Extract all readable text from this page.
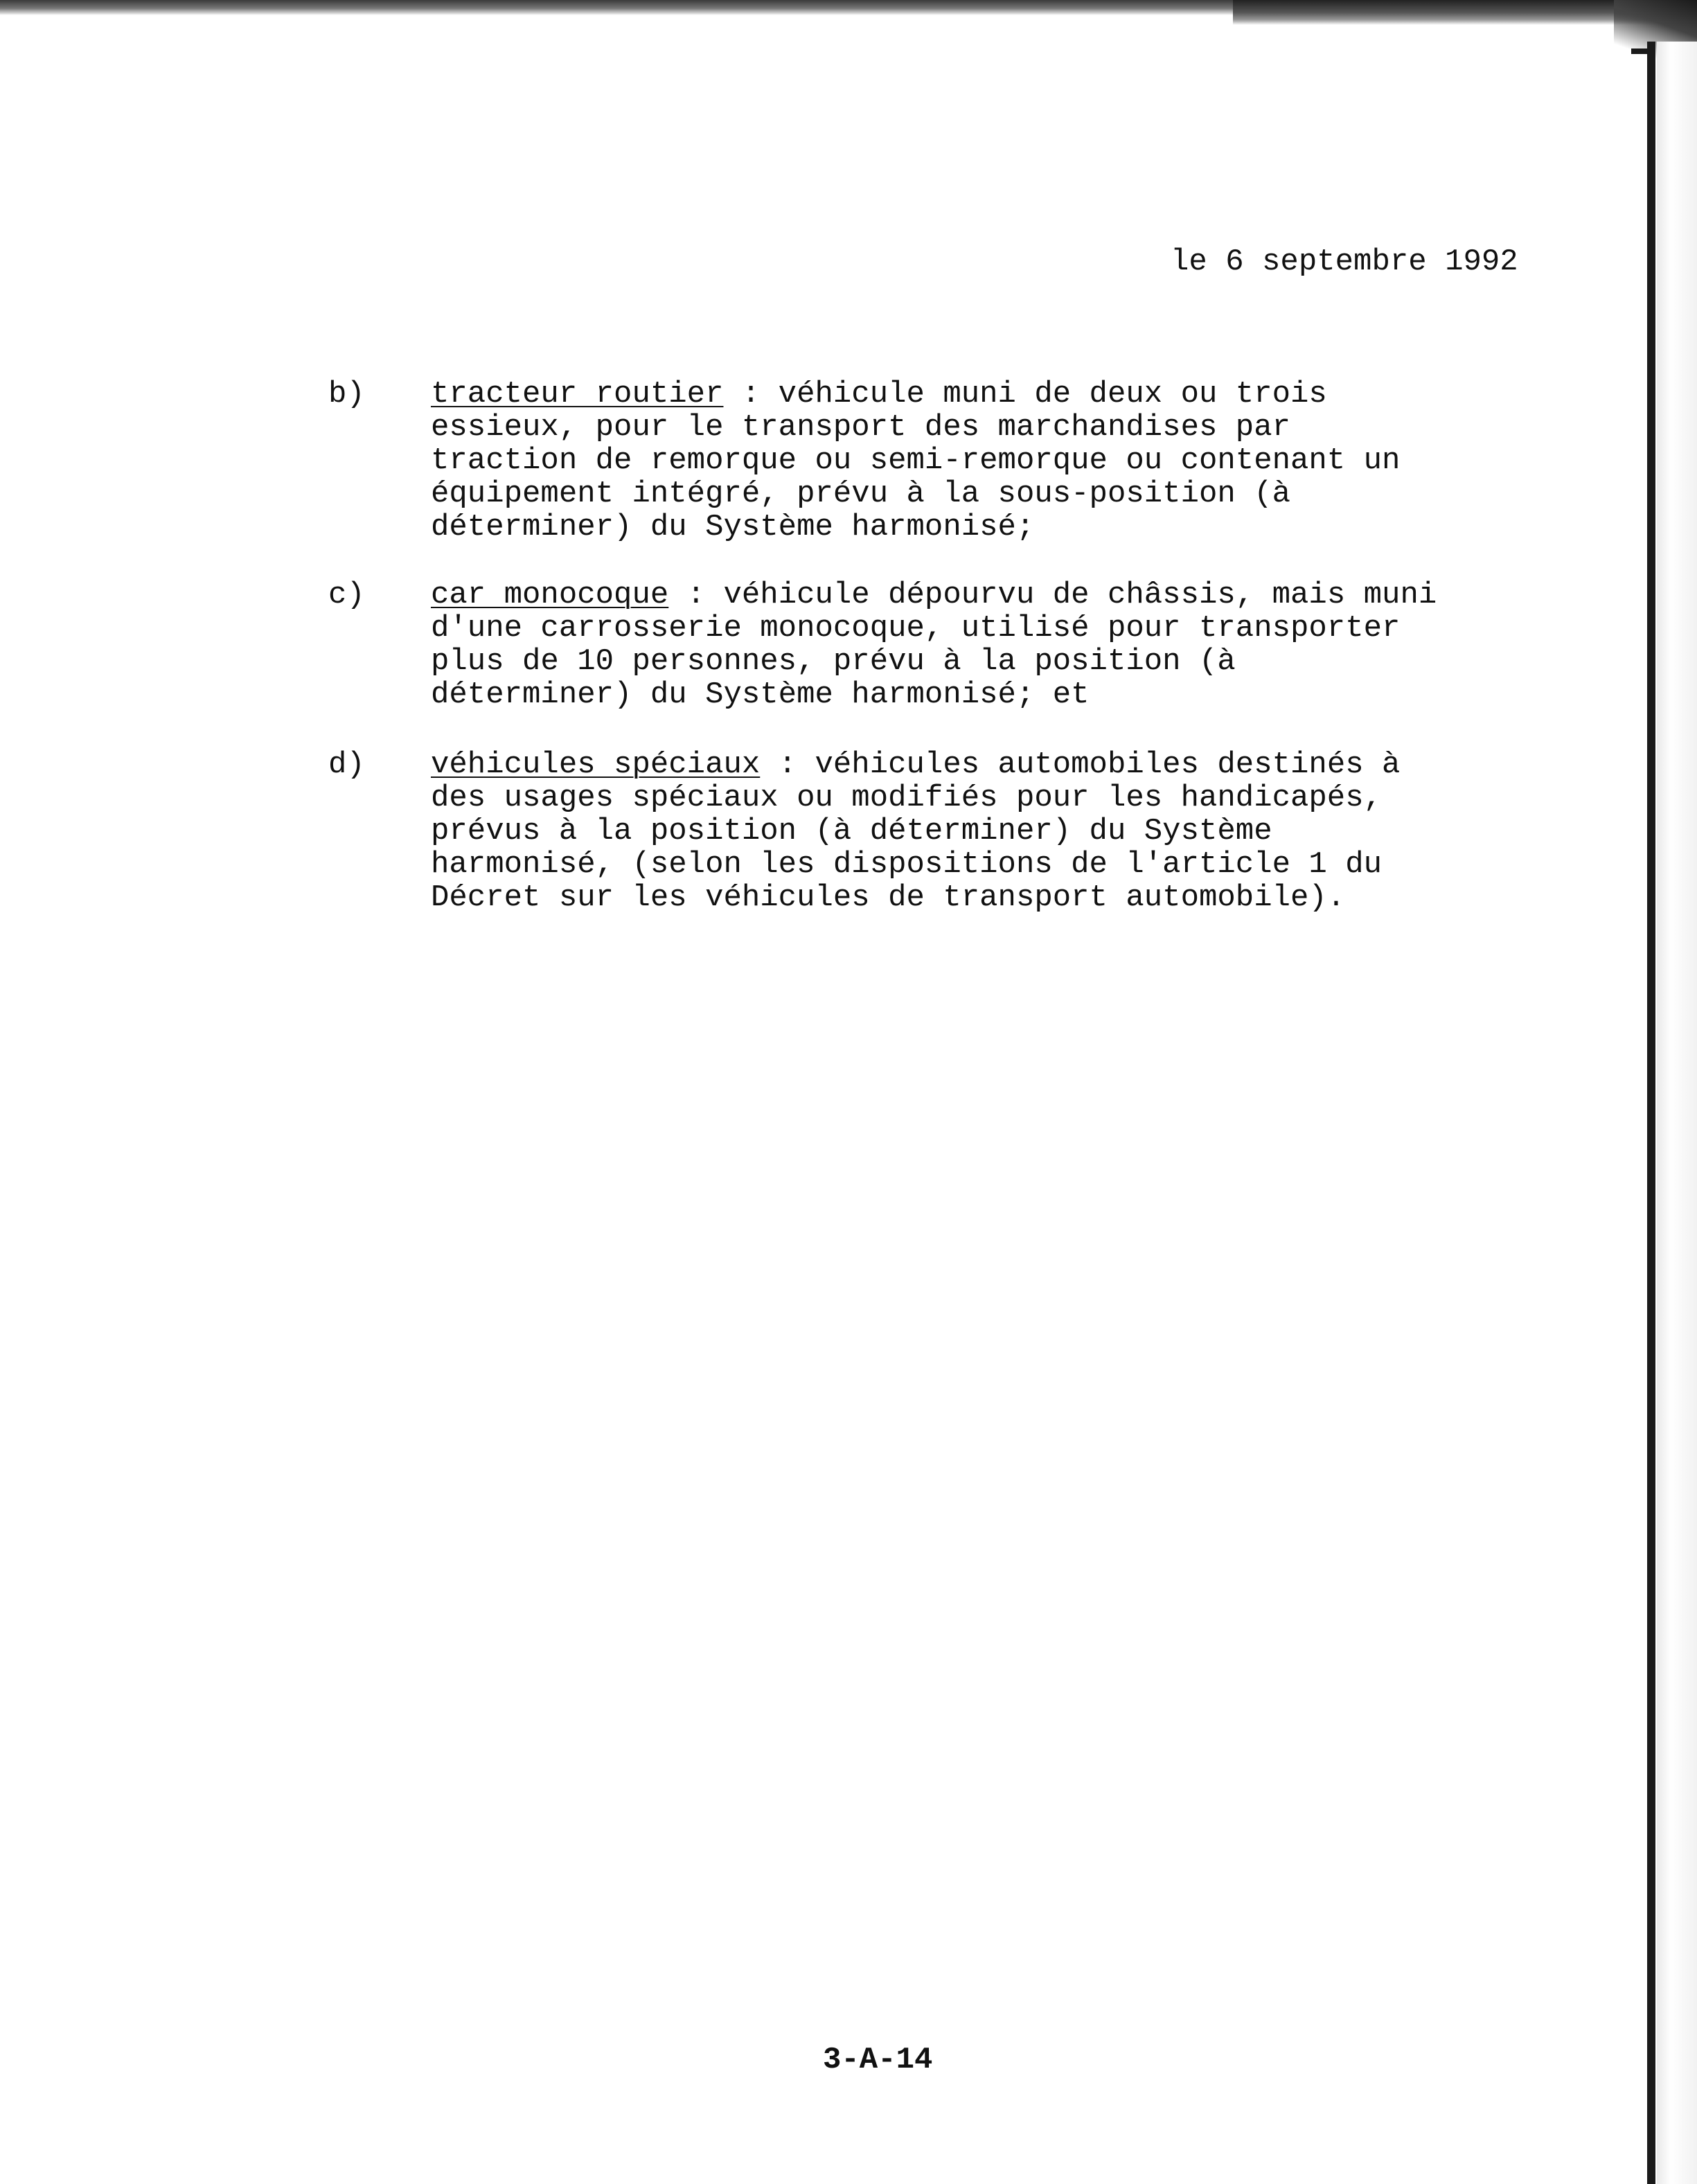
le 6 septembre 1992
b) tracteur routier : véhicule muni de deux ou trois
essieux, pour le transport des marchandises par
traction de remorque ou semi-remorque ou contenant un
équipement intégré, prévu à la sous-position (à
déterminer) du Système harmonisé;
c) car monocoque : véhicule dépourvu de châssis, mais muni
d'une carrosserie monocoque, utilisé pour transporter
plus de 10 personnes, prévu à la position (à
déterminer) du Système harmonisé; et
d) véhicules spéciaux : véhicules automobiles destinés à
des usages spéciaux ou modifiés pour les handicapés,
prévus à la position (à déterminer) du Système
harmonisé, (selon les dispositions de l'article 1 du
Décret sur les véhicules de transport automobile).
3-A-14
